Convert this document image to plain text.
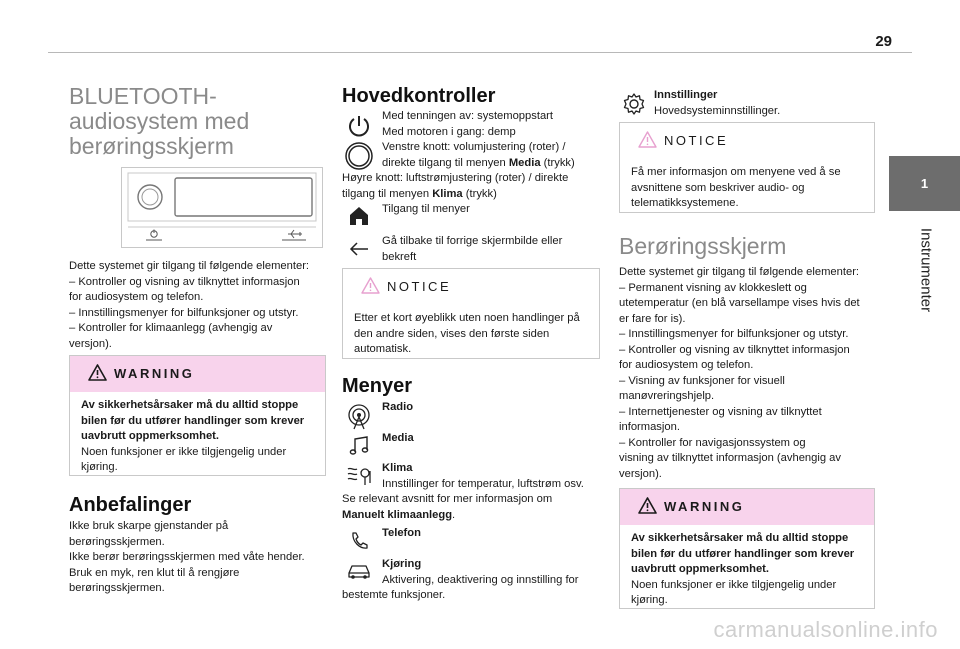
29
1
Instrumenter
BLUETOOTH-
audiosystem med
berøringsskjerm
Dette systemet gir tilgang til følgende elementer:
– Kontroller og visning av tilknyttet informasjon
for audiosystem og telefon.
– Innstillingsmenyer for bilfunksjoner og utstyr.
– Kontroller for klimaanlegg (avhengig av
versjon).
WARNING
Av sikkerhetsårsaker må du alltid stoppe
bilen før du utfører handlinger som krever
uavbrutt oppmerksomhet.
Noen funksjoner er ikke tilgjengelig under
kjøring.
Anbefalinger
Ikke bruk skarpe gjenstander på
berøringsskjermen.
Ikke berør berøringsskjermen med våte hender.
Bruk en myk, ren klut til å rengjøre
berøringsskjermen.
Hovedkontroller
Med tenningen av: systemoppstart
Med motoren i gang: demp
Venstre knott: volumjustering (roter) /
direkte tilgang til menyen Media (trykk)
Høyre knott: luftstrømjustering (roter) / direkte
tilgang til menyen Klima (trykk)
Tilgang til menyer
Gå tilbake til forrige skjermbilde eller
bekreft
NOTICE
Etter et kort øyeblikk uten noen handlinger på
den andre siden, vises den første siden
automatisk.
Menyer
Radio
Media
Klima
Innstillinger for temperatur, luftstrøm osv.
Se relevant avsnitt for mer informasjon om
Manuelt klimaanlegg.
Telefon
Kjøring
Aktivering, deaktivering og innstilling for
bestemte funksjoner.
Innstillinger
Hovedsysteminnstillinger.
NOTICE
Få mer informasjon om menyene ved å se
avsnittene som beskriver audio- og
telematikksystemene.
Berøringsskjerm
Dette systemet gir tilgang til følgende elementer:
– Permanent visning av klokkeslett og
utetemperatur (en blå varsellampe vises hvis det
er fare for is).
– Innstillingsmenyer for bilfunksjoner og utstyr.
– Kontroller og visning av tilknyttet informasjon
for audiosystem og telefon.
– Visning av funksjoner for visuell
manøvreringshjelp.
– Internettjenester og visning av tilknyttet
informasjon.
– Kontroller for navigasjonssystem og
visning av tilknyttet informasjon (avhengig av
versjon).
WARNING
Av sikkerhetsårsaker må du alltid stoppe
bilen før du utfører handlinger som krever
uavbrutt oppmerksomhet.
Noen funksjoner er ikke tilgjengelig under
kjøring.
carmanualsonline.info
